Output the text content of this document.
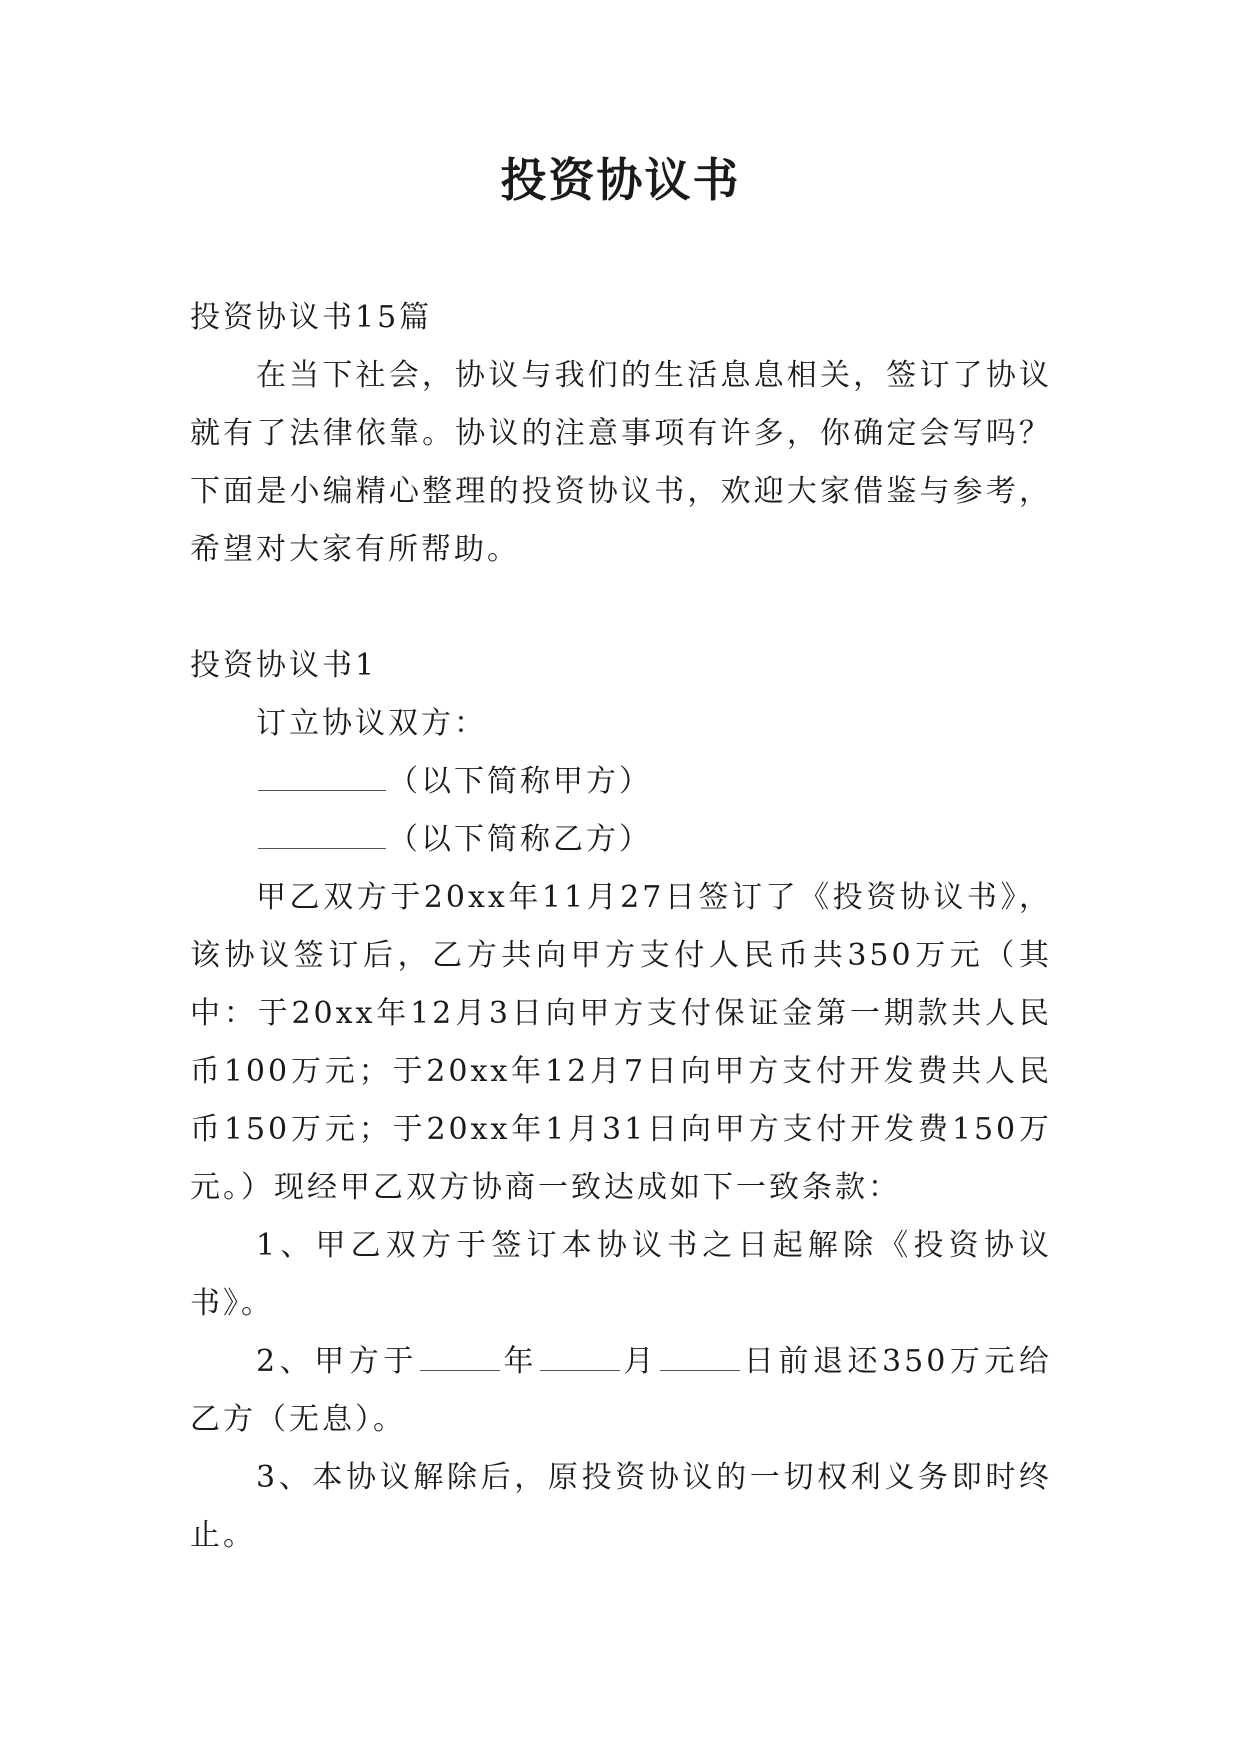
投资协议书

投资协议书15篇

在当下社会，协议与我们的生活息息相关，签订了协议就有了法律依靠。协议的注意事项有许多，你确定会写吗？下面是小编精心整理的投资协议书，欢迎大家借鉴与参考，希望对大家有所帮助。

投资协议书1

订立协议双方：

（以下简称甲方）

（以下简称乙方）

甲乙双方于20xx年11月27日签订了《投资协议书》，该协议签订后，乙方共向甲方支付人民币共350万元（其中：于20xx年12月3日向甲方支付保证金第一期款共人民币100万元；于20xx年12月7日向甲方支付开发费共人民币150万元；于20xx年1月31日向甲方支付开发费150万元。）现经甲乙双方协商一致达成如下一致条款：

1、甲乙双方于签订本协议书之日起解除《投资协议书》。

2、甲方于	年	月	日前退还350万元给乙方（无息）。

3、本协议解除后，原投资协议的一切权利义务即时终止。
